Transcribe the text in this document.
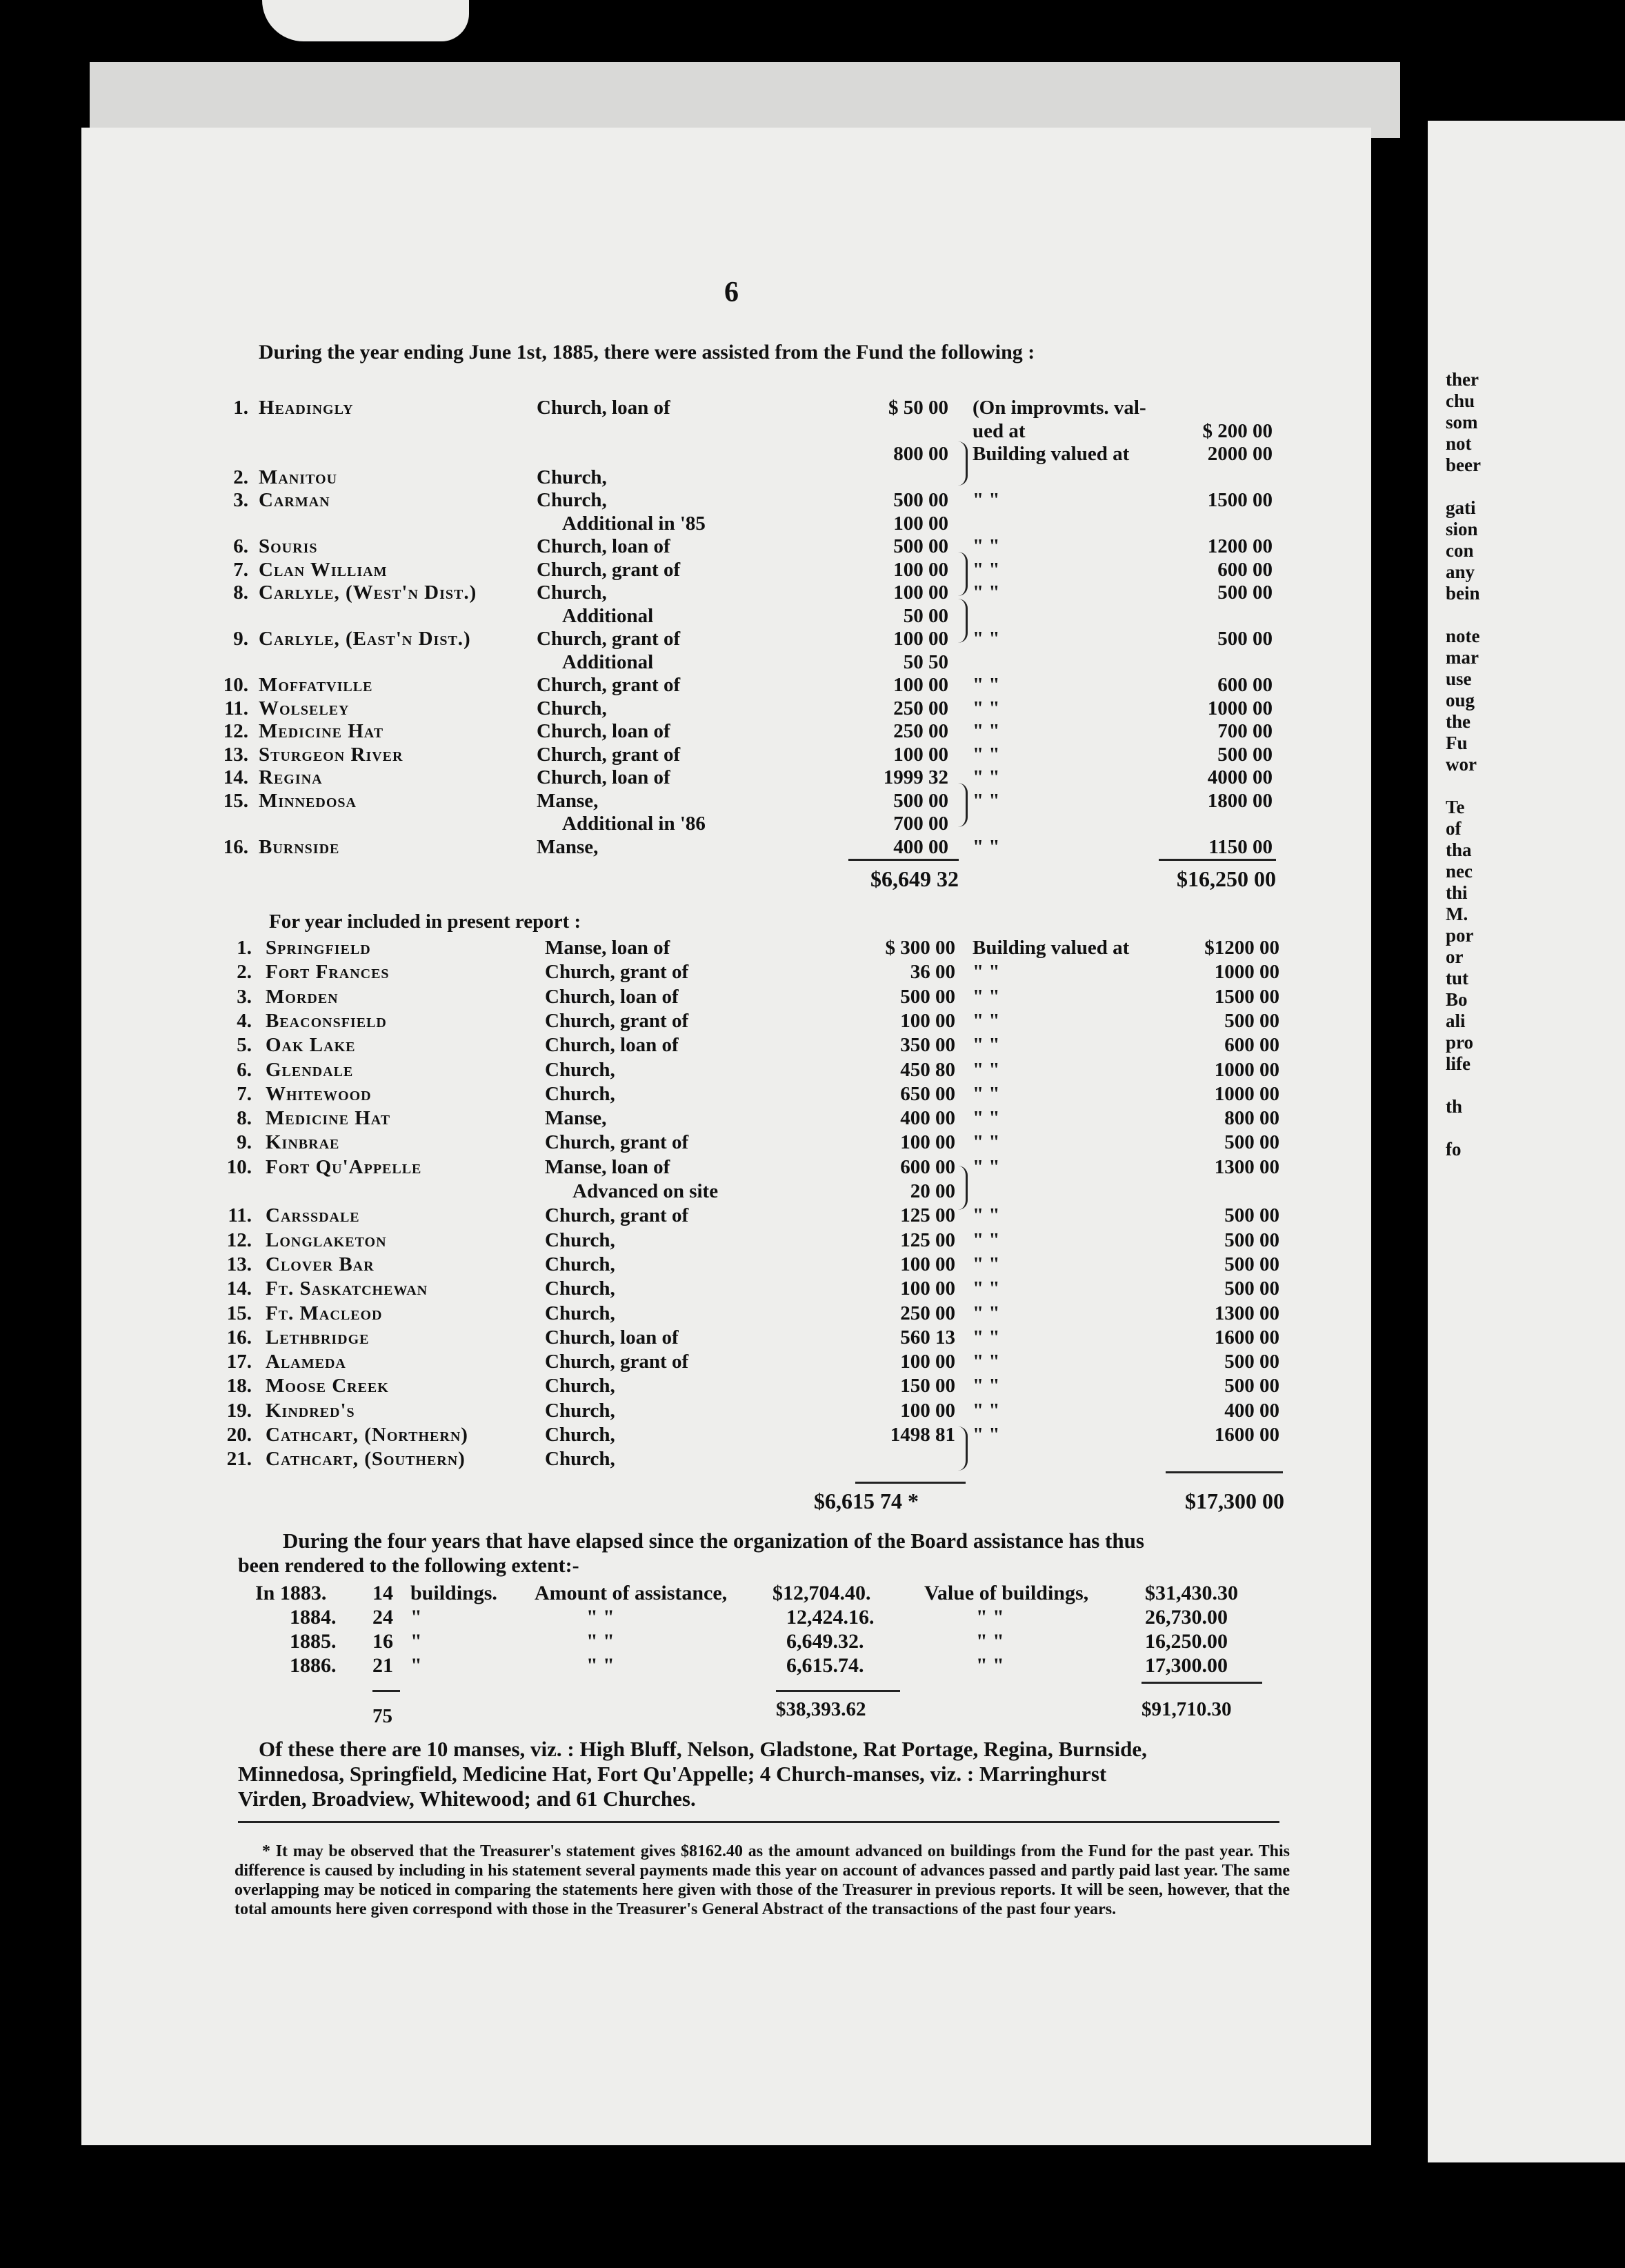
ther
chu
som
not
beer
gati
sion
con
any
bein
note
mar
use
oug
the
Fu
wor
Te
of
tha
nec
thi
M.
por
or
tut
Bo
ali
pro
life
th
fo
6
During the year ending June 1st, 1885, there were assisted from the Fund the following :
1. Headingly	Church, loan of	$ 50 00 (On improvmts. val-
ued at	$ 200 00
800 00 Building valued at	2000 00
2. Manitou	Church,
3. Carman	Church,	500 00 " "	1500 00
Additional in '85	100 00
6. Souris	Church, loan of	500 00 " "	1200 00
7. Clan William	Church, grant of	100 00 " "	600 00
8. Carlyle, (West'n Dist.)	Church,	100 00 " "	500 00
Additional	50 00
9. Carlyle, (East'n Dist.)	Church, grant of	100 00 " "	500 00
Additional	50 50
10. Moffatville	Church, grant of	100 00 " "	600 00
11. Wolseley	Church,	250 00 " "	1000 00
12. Medicine Hat	Church, loan of	250 00 " "	700 00
13. Sturgeon River	Church, grant of	100 00 " "	500 00
14. Regina	Church, loan of	1999 32 " "	4000 00
15. Minnedosa	Manse,	500 00 " "	1800 00
Additional in '86	700 00
16. Burnside	Manse,	400 00 " "	1150 00
$6,649 32	$16,250 00
For year included in present report :
1. Springfield	Manse, loan of	$ 300 00 Building valued at	$1200 00
2. Fort Frances	Church, grant of	36 00 " "	1000 00
3. Morden	Church, loan of	500 00 " "	1500 00
4. Beaconsfield	Church, grant of	100 00 " "	500 00
5. Oak Lake	Church, loan of	350 00 " "	600 00
6. Glendale	Church,	450 80 " "	1000 00
7. Whitewood	Church,	650 00 " "	1000 00
8. Medicine Hat	Manse,	400 00 " "	800 00
9. Kinbrae	Church, grant of	100 00 " "	500 00
10. Fort Qu'Appelle	Manse, loan of	600 00 " "	1300 00
Advanced on site	20 00
11. Carssdale	Church, grant of	125 00 " "	500 00
12. Longlaketon	Church,	125 00 " "	500 00
13. Clover Bar	Church,	100 00 " "	500 00
14. Ft. Saskatchewan	Church,	100 00 " "	500 00
15. Ft. Macleod	Church,	250 00 " "	1300 00
16. Lethbridge	Church, loan of	560 13 " "	1600 00
17. Alameda	Church, grant of	100 00 " "	500 00
18. Moose Creek	Church,	150 00 " "	500 00
19. Kindred's	Church,	100 00 " "	400 00
20. Cathcart, (Northern)	Church,	1498 81 " "	1600 00
21. Cathcart, (Southern)	Church,
$6,615 74 *	$17,300 00
During the four years that have elapsed since the organization of the Board assistance has thus
been rendered to the following extent:-
In 1883. 14 buildings. Amount of assistance, $12,704.40.	Value of buildings,	$31,430.30
1884. 24 "	" "	12,424.16.	" "	26,730.00
1885. 16 "	" "	6,649.32.	" "	16,250.00
1886. 21 "	" "	6,615.74.	" "	17,300.00
75	$38,393.62	$91,710.30
Of these there are 10 manses, viz. : High Bluff, Nelson, Gladstone, Rat Portage, Regina, Burnside,
Minnedosa, Springfield, Medicine Hat, Fort Qu'Appelle; 4 Church-manses, viz. : Marringhurst
Virden, Broadview, Whitewood; and 61 Churches.
* It may be observed that the Treasurer's statement gives $8162.40 as the amount advanced on buildings from the Fund for the past year. This difference is caused by including in his statement several payments made this year on account of advances passed and partly paid last year. The same overlapping may be noticed in comparing the statements here given with those of the Treasurer in previous reports. It will be seen, however, that the total amounts here given correspond with those in the Treasurer's General Abstract of the transactions of the past four years.
